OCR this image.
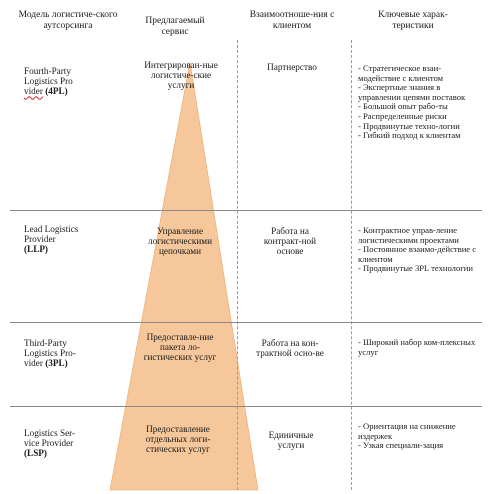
Модель логистиче-ского аутсорсинга	Предлагаемый сервис
Взаимоотноше-ния с клиентом
Ключевые харак-теристики
Fourth-Party
Logistics Pro
vider (4PL)
Интегрирован-ные логистиче-ские услуги
Партнерство	- Стратегическое взаи-модействие с клиентом
- Экспертные знания в управлении цепями поставок
- Большой опыт рабо-ты
- Распределенные риски
- Продвинутые техно-логии
- Гибкий подход к клиентам
Lead Logistics
Provider
(LLP)
Управление логистическими цепочками
Работа на контракт-ной основе
- Контрактное управ-ление логистическими проектами
- Постоянное взаимо-действие с клиентом
- Продвинутые 3PL технологии
Third-Party
Logistics Pro-
vider (3PL)
Предоставле-ние пакета ло-гистических услуг
Работа на кон-трактной осно-ве
- Широкий набор ком-плексных услуг
Logistics Ser-
vice Provider
(LSP)
Предоставление отдельных логи-стических услуг
Единичные услуги
- Ориентация на снижение издержек
- Узкая специали-зация
